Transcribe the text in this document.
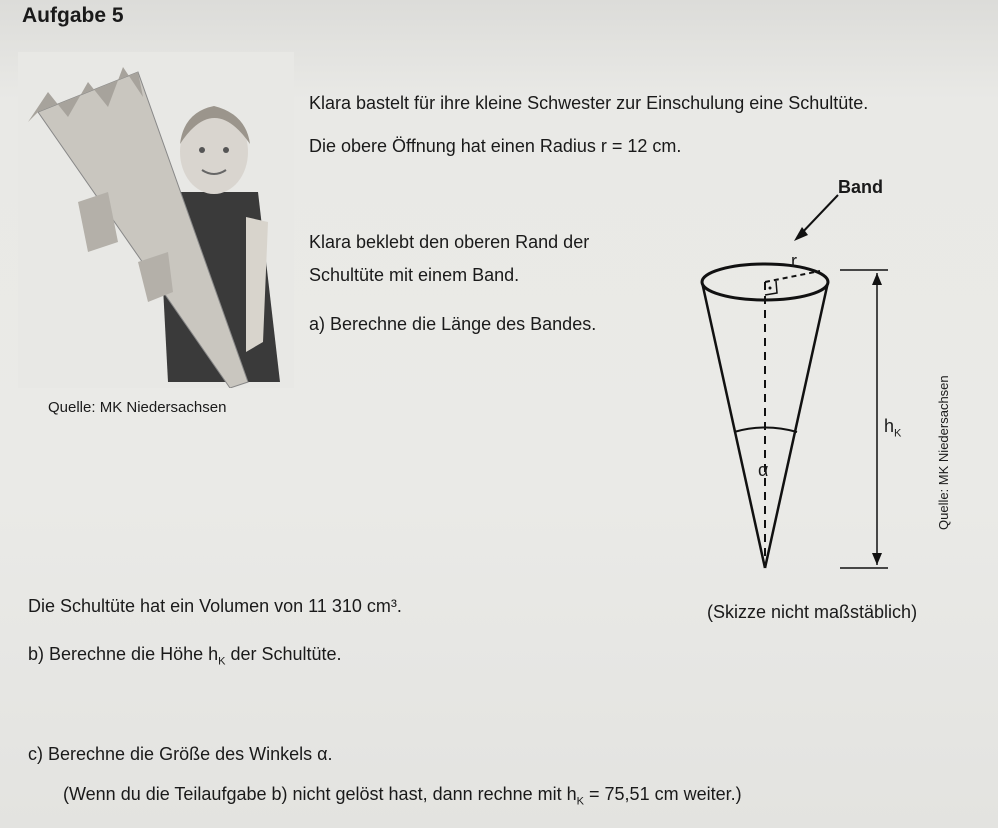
Aufgabe 5
Quelle: MK Niedersachsen
Klara bastelt für ihre kleine Schwester zur Einschulung eine Schultüte.
Die obere Öffnung hat einen Radius r = 12 cm.
Klara beklebt den oberen Rand der
Schultüte mit einem Band.
a) Berechne die Länge des Bandes.
Band
r
$h_K$
α	Quelle: MK Niedersachsen
Die Schultüte hat ein Volumen von 11 310 cm³.	(Skizze nicht maßstäblich)
b) Berechne die Höhe $h_K$ der Schultüte.
c) Berechne die Größe des Winkels α.
(Wenn du die Teilaufgabe b) nicht gelöst hast, dann rechne mit $h_K = 75,51$ cm weiter.)
